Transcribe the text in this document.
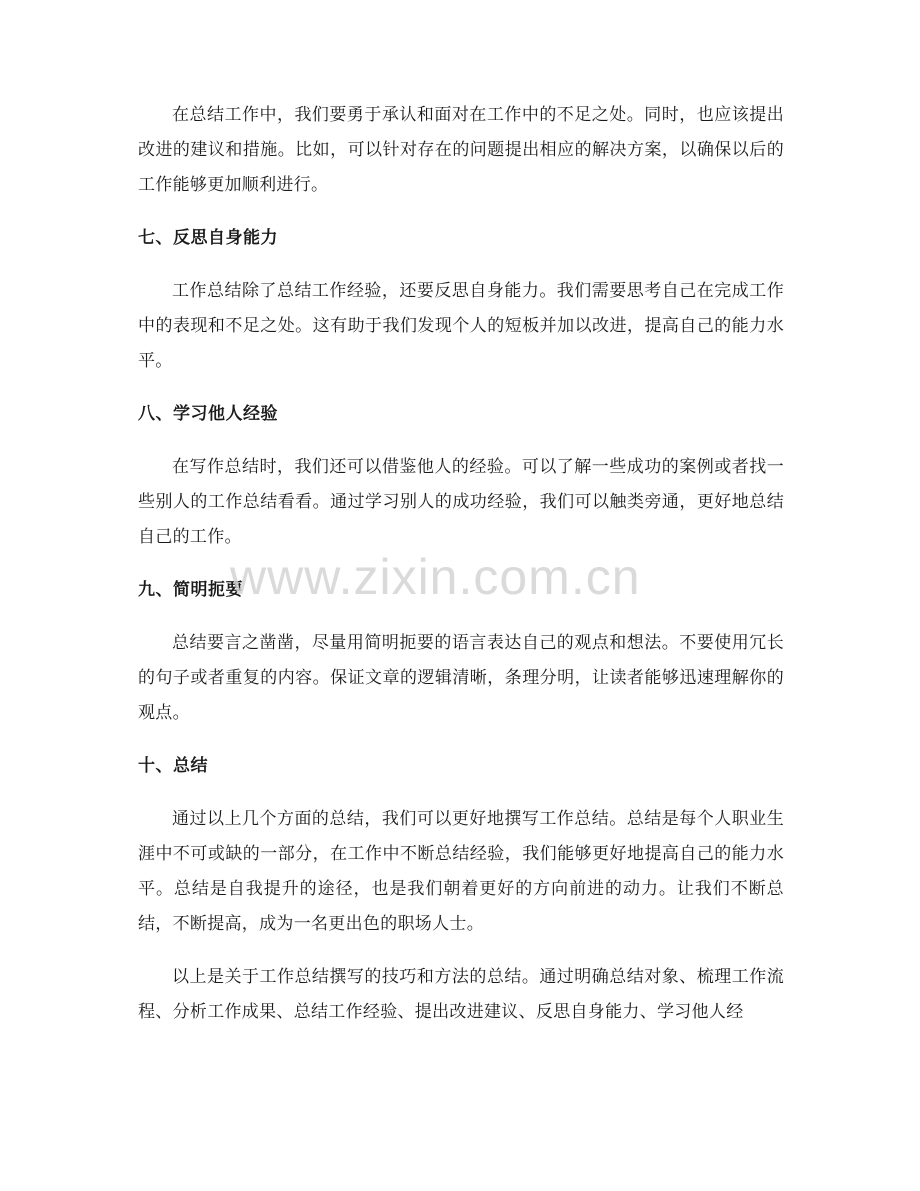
在总结工作中，我们要勇于承认和面对在工作中的不足之处。同时，也应该提出改进的建议和措施。比如，可以针对存在的问题提出相应的解决方案，以确保以后的工作能够更加顺利进行。

七、反思自身能力

工作总结除了总结工作经验，还要反思自身能力。我们需要思考自己在完成工作中的表现和不足之处。这有助于我们发现个人的短板并加以改进，提高自己的能力水平。

八、学习他人经验

在写作总结时，我们还可以借鉴他人的经验。可以了解一些成功的案例或者找一些别人的工作总结看看。通过学习别人的成功经验，我们可以触类旁通，更好地总结自己的工作。

九、简明扼要

总结要言之凿凿，尽量用简明扼要的语言表达自己的观点和想法。不要使用冗长的句子或者重复的内容。保证文章的逻辑清晰，条理分明，让读者能够迅速理解你的观点。

十、总结

通过以上几个方面的总结，我们可以更好地撰写工作总结。总结是每个人职业生涯中不可或缺的一部分，在工作中不断总结经验，我们能够更好地提高自己的能力水平。总结是自我提升的途径，也是我们朝着更好的方向前进的动力。让我们不断总结，不断提高，成为一名更出色的职场人士。

以上是关于工作总结撰写的技巧和方法的总结。通过明确总结对象、梳理工作流程、分析工作成果、总结工作经验、提出改进建议、反思自身能力、学习他人经

www.zixin.com.cn
